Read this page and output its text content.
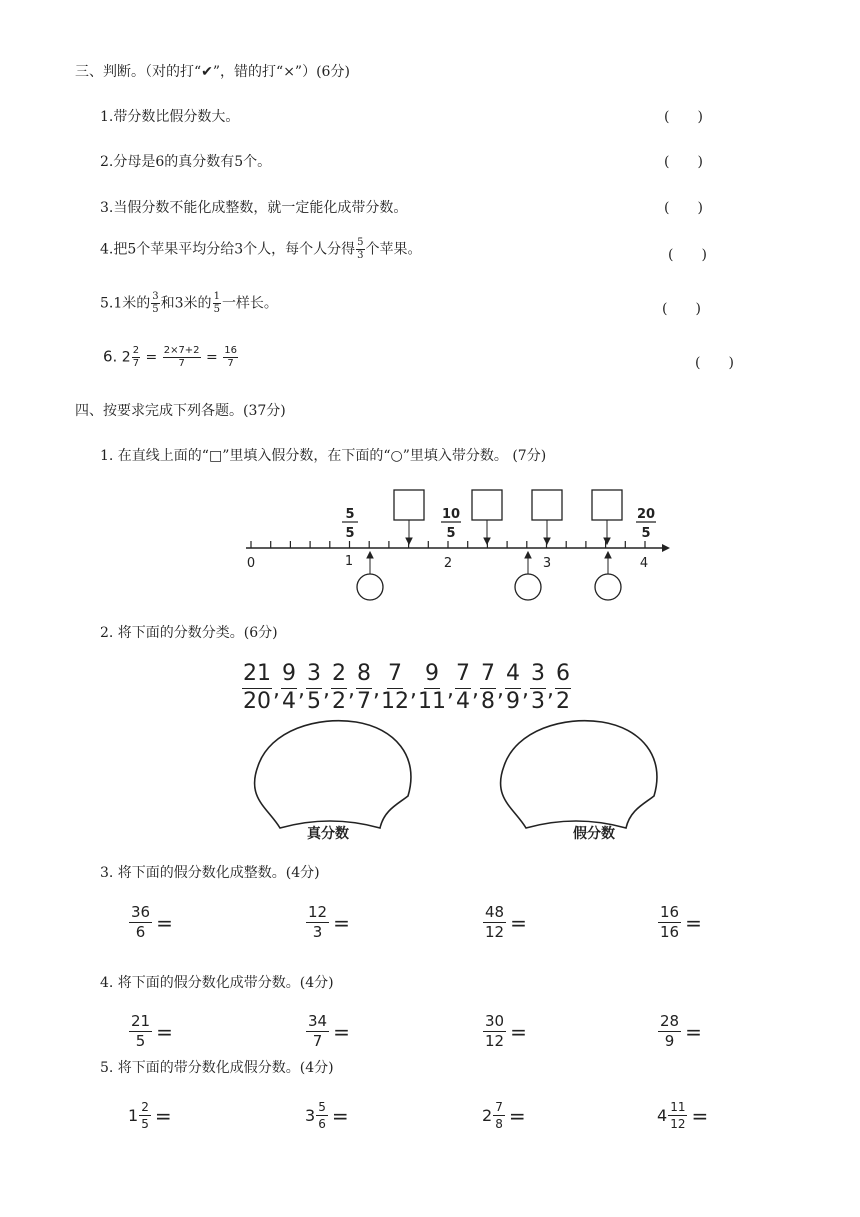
三、判断。（对的打“✔”，错的打“×”）(6分)
1.带分数比假分数大。	(　　)
2.分母是6的真分数有5个。	(　　)
3.当假分数不能化成整数，就一定能化成带分数。	(　　)
4.把5个苹果平均分给3个人，每个人分得 $\frac{5}{3}$ 个苹果。	(　　)
5.1米的 $\frac{3}{5}$ 和3米的 $\frac{1}{5}$ 一样长。	(　　)
6. $2 \frac{2}{7} = \frac{2\times 7+2}{7} = \frac{16}{7}$	(　　)
四、按要求完成下列各题。(37分)
1. 在直线上面的“□”里填入假分数，在下面的“○”里填入带分数。 (7分)
0	1	2	3	4
5
5
10
5
20
5
2. 将下面的分数分类。(6分)
21
20 ,
9
4 ,
3
5 ,
2
2 ,
8
7 ,
7
12 ,
9
11 ,
7
4 ,
7
8 ,
4
9 ,
3
3 ,
6
2
真分数	假分数
3. 将下面的假分数化成整数。(4分)
$\frac{36}{6}$ =	$\frac{12}{3}$ =	$\frac{48}{12}$ =	$\frac{16}{16}$ =
4. 将下面的假分数化成带分数。(4分)
$\frac{21}{5}$ =	$\frac{34}{7}$ =	$\frac{30}{12}$ =	$\frac{28}{9}$ =
5. 将下面的带分数化成假分数。(4分)
$1 \frac{2}{5}$ =	$3 \frac{5}{6}$ =	$2 \frac{7}{8}$ =	$4 \frac{11}{12}$ =
